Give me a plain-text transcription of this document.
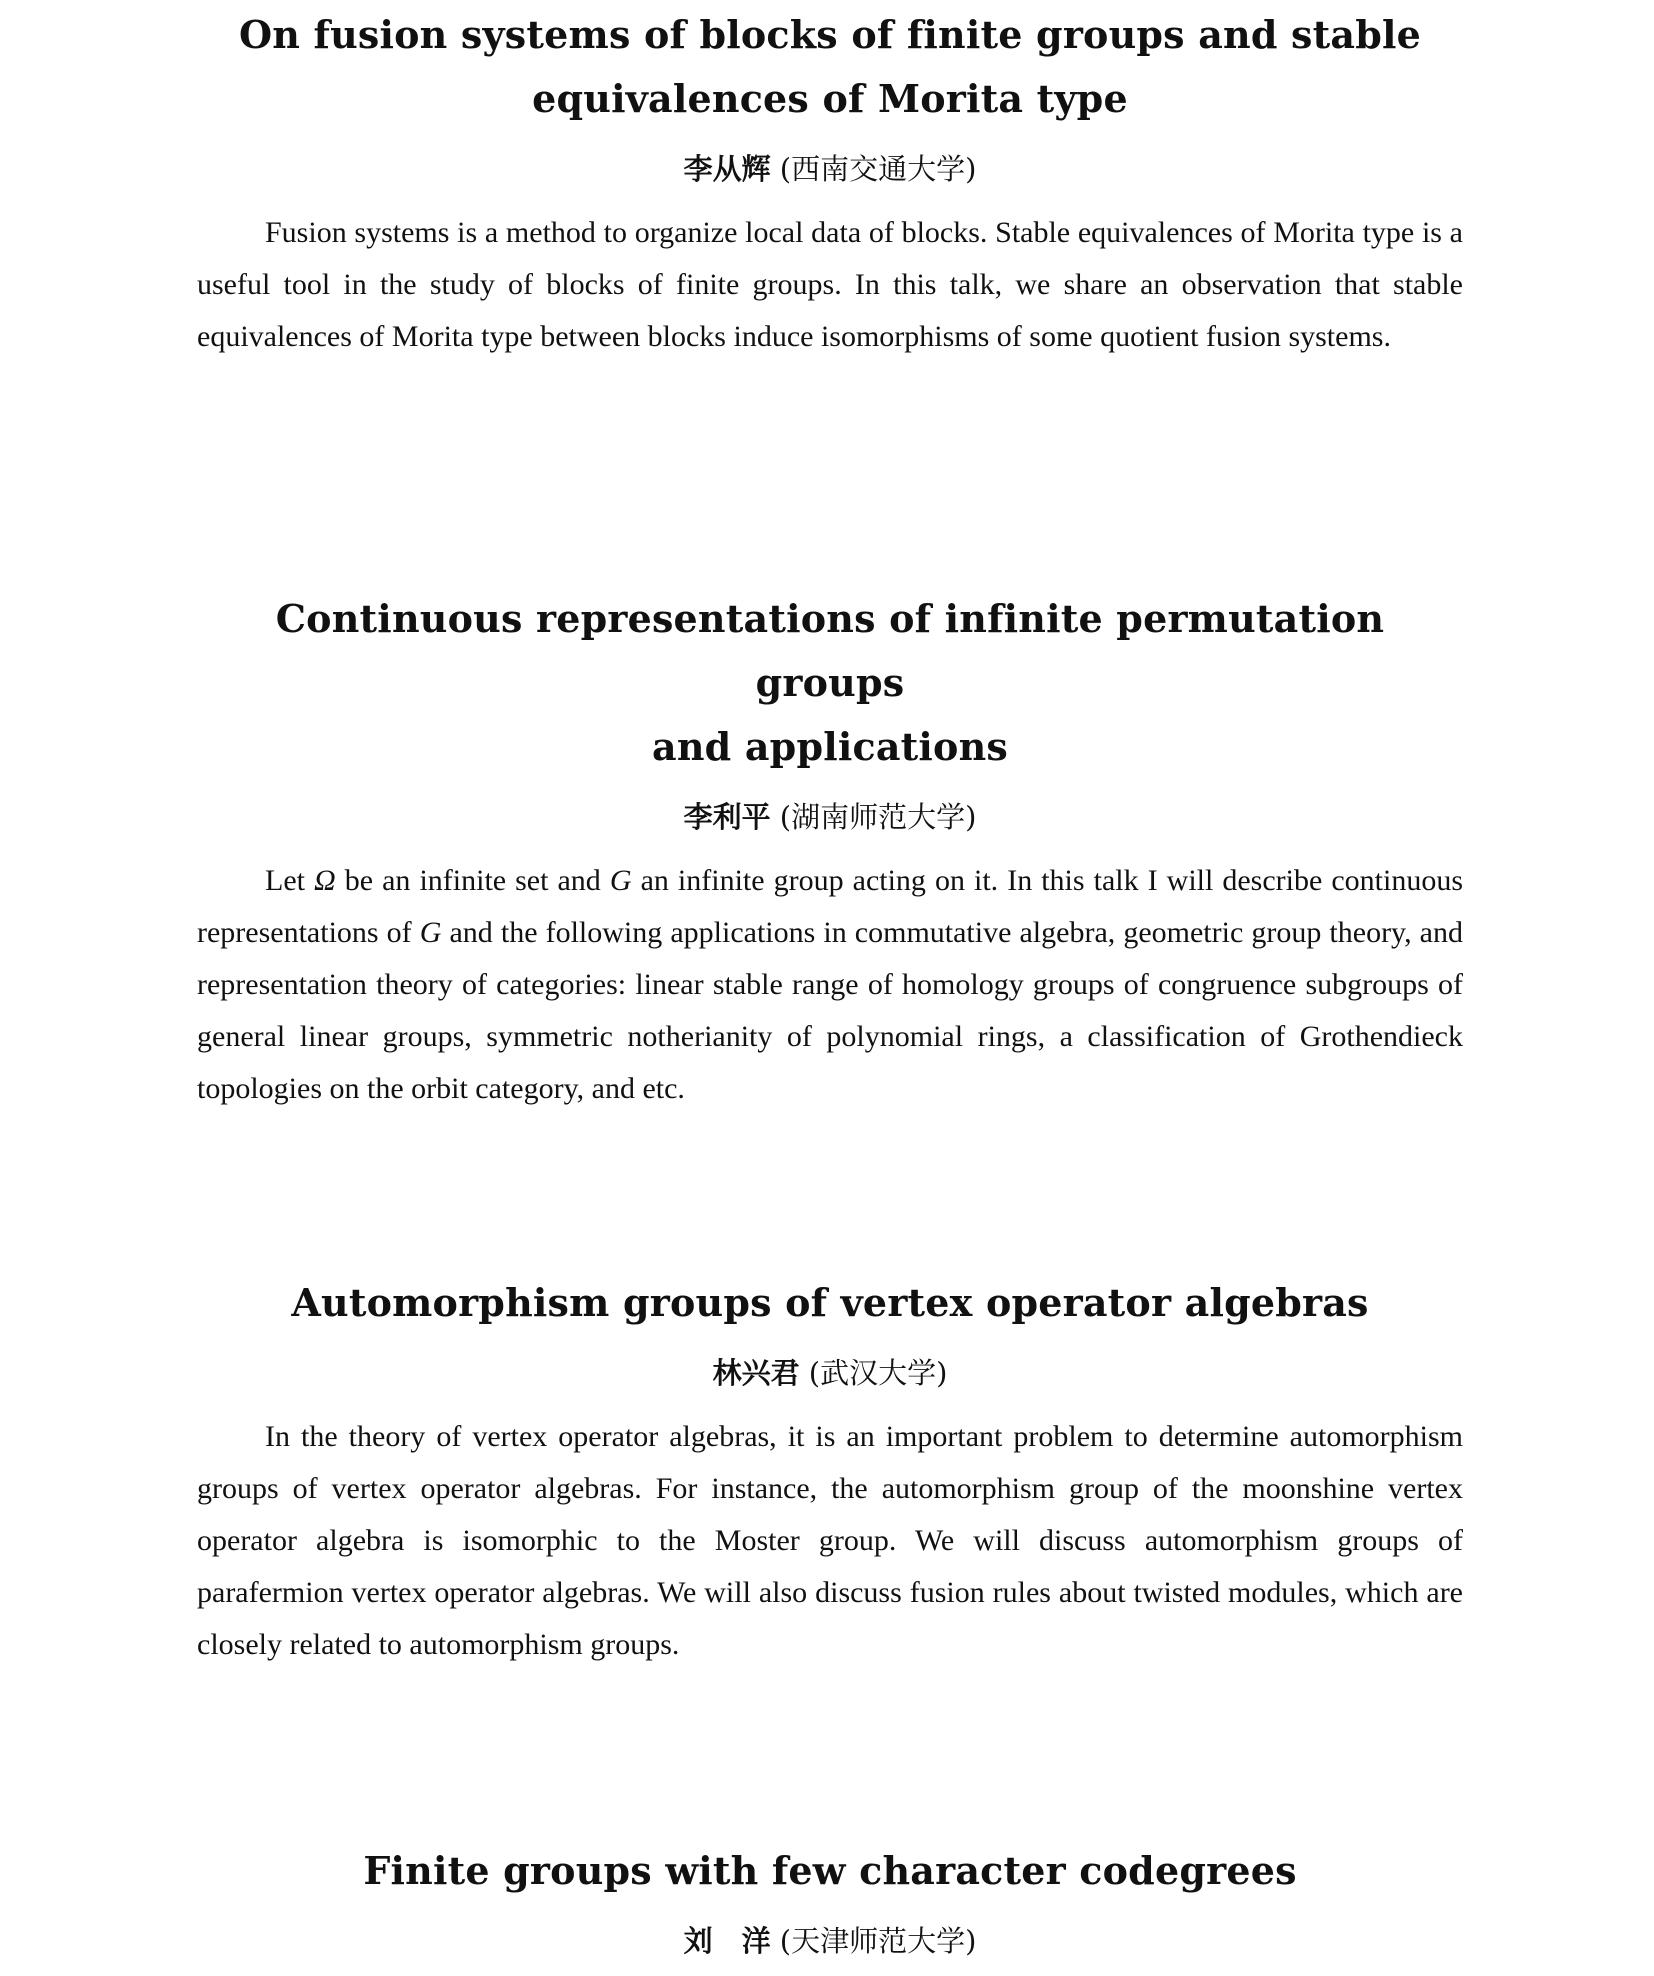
On fusion systems of blocks of finite groups and stable
equivalences of Morita type

李从辉 (西南交通大学)

Fusion systems is a method to organize local data of blocks. Stable equivalences of Morita type is a useful tool in the study of blocks of finite groups. In this talk, we share an observation that stable equivalences of Morita type between blocks induce isomorphisms of some quotient fusion systems.

Continuous representations of infinite permutation groups
and applications

李利平 (湖南师范大学)

Let Ω be an infinite set and G an infinite group acting on it. In this talk I will describe continuous representations of G and the following applications in commutative algebra, geometric group theory, and representation theory of categories: linear stable range of homology groups of congruence subgroups of general linear groups, symmetric notherianity of polynomial rings, a classification of Grothendieck topologies on the orbit category, and etc.

Automorphism groups of vertex operator algebras

林兴君 (武汉大学)

In the theory of vertex operator algebras, it is an important problem to determine automorphism groups of vertex operator algebras. For instance, the automorphism group of the moonshine vertex operator algebra is isomorphic to the Moster group. We will discuss automorphism groups of parafermion vertex operator algebras. We will also discuss fusion rules about twisted modules, which are closely related to automorphism groups.

Finite groups with few character codegrees

刘　洋 (天津师范大学)
